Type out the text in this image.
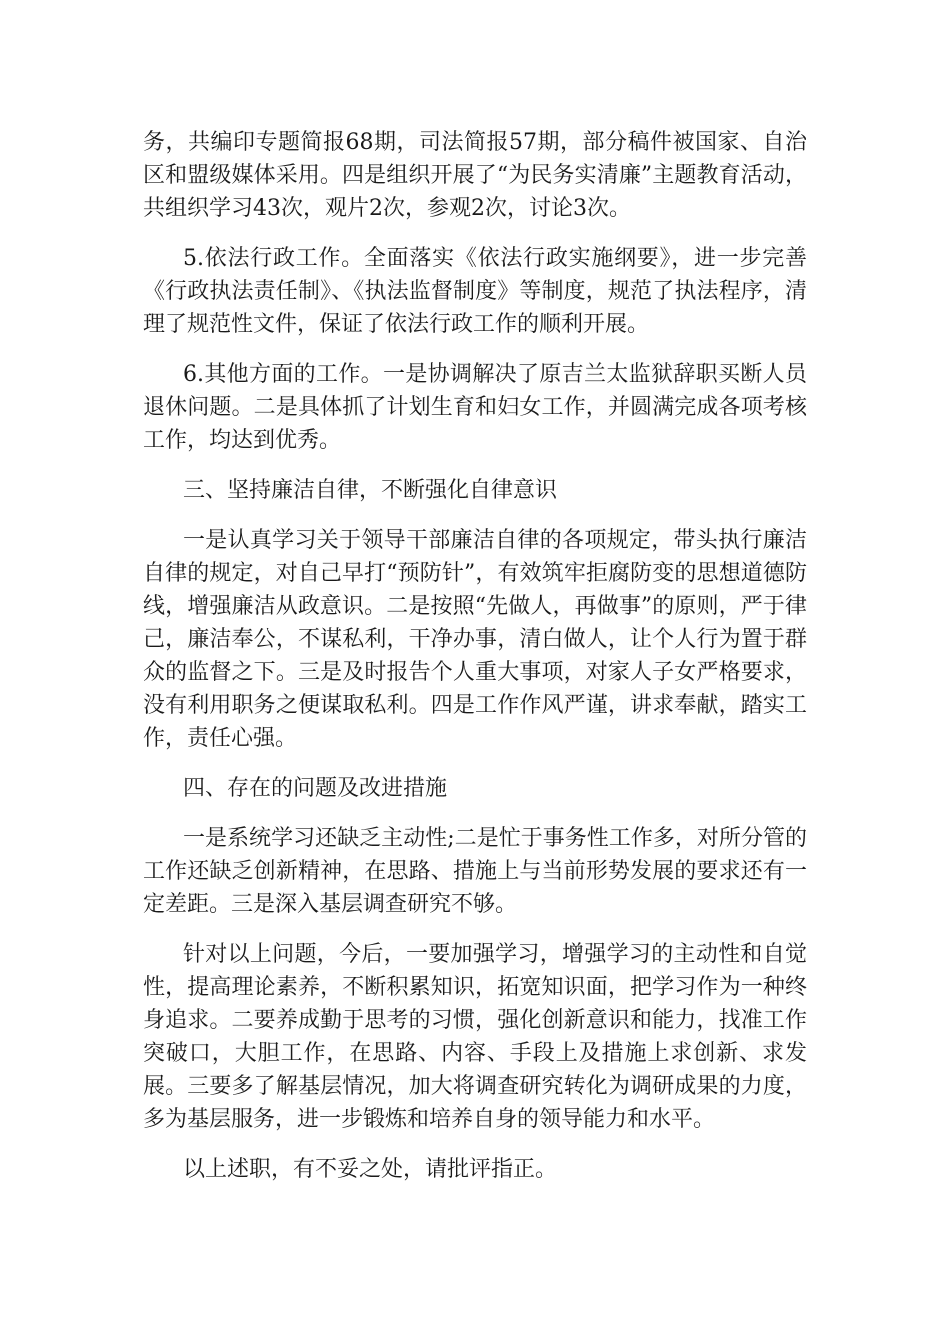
务，共编印专题简报68期，司法简报57期，部分稿件被国家、自治区和盟级媒体采用。四是组织开展了“为民务实清廉”主题教育活动，共组织学习43次，观片2次，参观2次，讨论3次。

5.依法行政工作。全面落实《依法行政实施纲要》，进一步完善《行政执法责任制》、《执法监督制度》等制度，规范了执法程序，清理了规范性文件，保证了依法行政工作的顺利开展。

6.其他方面的工作。一是协调解决了原吉兰太监狱辞职买断人员退休问题。二是具体抓了计划生育和妇女工作，并圆满完成各项考核工作，均达到优秀。

三、坚持廉洁自律，不断强化自律意识

一是认真学习关于领导干部廉洁自律的各项规定，带头执行廉洁自律的规定，对自己早打“预防针”，有效筑牢拒腐防变的思想道德防线，增强廉洁从政意识。二是按照“先做人，再做事”的原则，严于律己，廉洁奉公，不谋私利，干净办事，清白做人，让个人行为置于群众的监督之下。三是及时报告个人重大事项，对家人子女严格要求，没有利用职务之便谋取私利。四是工作作风严谨，讲求奉献，踏实工作，责任心强。

四、存在的问题及改进措施

一是系统学习还缺乏主动性;二是忙于事务性工作多，对所分管的工作还缺乏创新精神，在思路、措施上与当前形势发展的要求还有一定差距。三是深入基层调查研究不够。

针对以上问题，今后，一要加强学习，增强学习的主动性和自觉性，提高理论素养，不断积累知识，拓宽知识面，把学习作为一种终身追求。二要养成勤于思考的习惯，强化创新意识和能力，找准工作突破口，大胆工作，在思路、内容、手段上及措施上求创新、求发展。三要多了解基层情况，加大将调查研究转化为调研成果的力度，多为基层服务，进一步锻炼和培养自身的领导能力和水平。

以上述职，有不妥之处，请批评指正。
